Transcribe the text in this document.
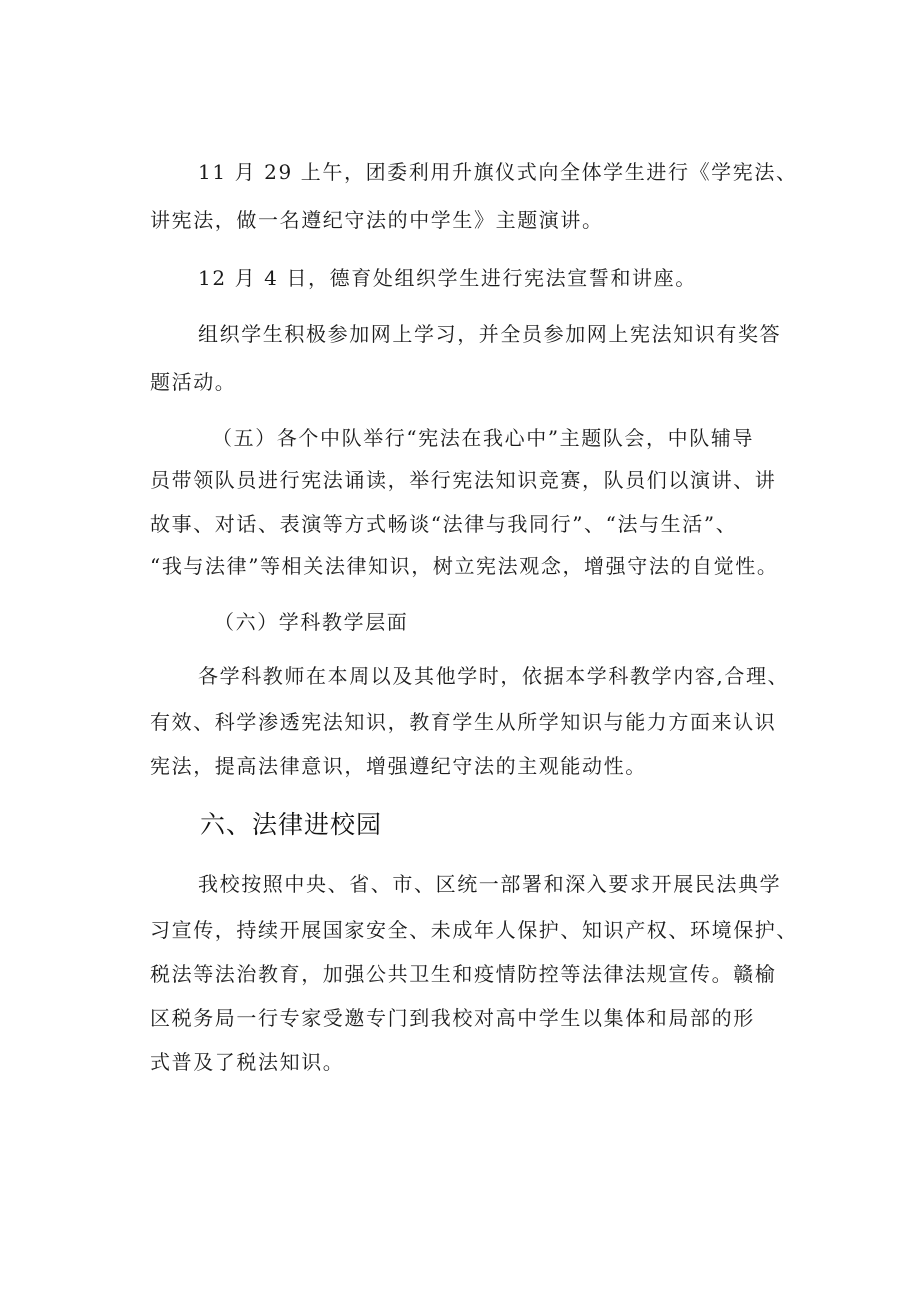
11 月 29 上午，团委利用升旗仪式向全体学生进行《学宪法、
讲宪法，做一名遵纪守法的中学生》主题演讲。
12 月 4 日，德育处组织学生进行宪法宣誓和讲座。
组织学生积极参加网上学习，并全员参加网上宪法知识有奖答
题活动。
（五）各个中队举行“宪法在我心中”主题队会，中队辅导
员带领队员进行宪法诵读，举行宪法知识竞赛，队员们以演讲、讲
故事、对话、表演等方式畅谈“法律与我同行”、“法与生活”、
“我与法律”等相关法律知识，树立宪法观念，增强守法的自觉性。
（六）学科教学层面
各学科教师在本周以及其他学时，依据本学科教学内容,合理、
有效、科学渗透宪法知识，教育学生从所学知识与能力方面来认识
宪法，提高法律意识，增强遵纪守法的主观能动性。
六、法律进校园
我校按照中央、省、市、区统一部署和深入要求开展民法典学
习宣传，持续开展国家安全、未成年人保护、知识产权、环境保护、
税法等法治教育，加强公共卫生和疫情防控等法律法规宣传。赣榆
区税务局一行专家受邀专门到我校对高中学生以集体和局部的形
式普及了税法知识。
